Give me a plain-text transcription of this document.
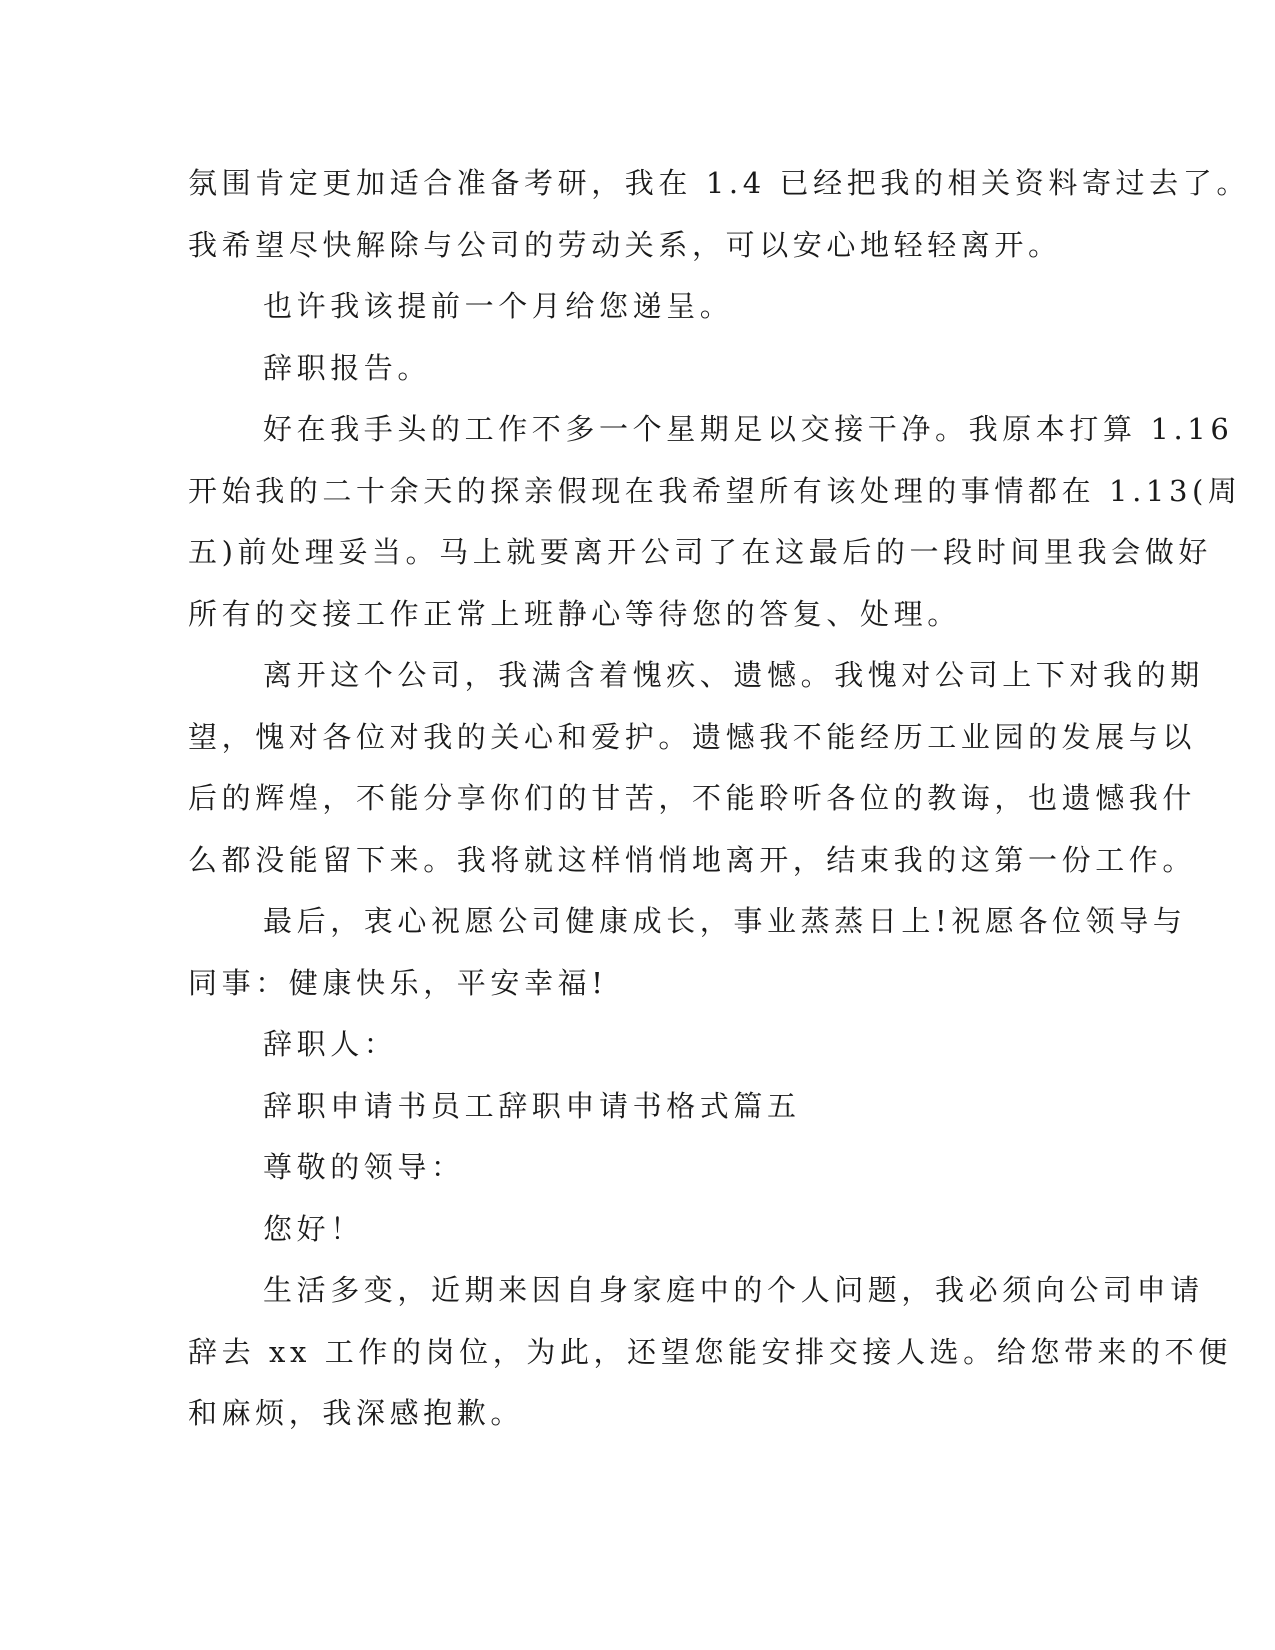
氛围肯定更加适合准备考研，我在 1.4 已经把我的相关资料寄过去了。
我希望尽快解除与公司的劳动关系，可以安心地轻轻离开。
也许我该提前一个月给您递呈。
辞职报告。
好在我手头的工作不多一个星期足以交接干净。我原本打算 1.16
开始我的二十余天的探亲假现在我希望所有该处理的事情都在 1.13(周
五)前处理妥当。马上就要离开公司了在这最后的一段时间里我会做好
所有的交接工作正常上班静心等待您的答复、处理。
离开这个公司，我满含着愧疚、遗憾。我愧对公司上下对我的期
望，愧对各位对我的关心和爱护。遗憾我不能经历工业园的发展与以
后的辉煌，不能分享你们的甘苦，不能聆听各位的教诲，也遗憾我什
么都没能留下来。我将就这样悄悄地离开，结束我的这第一份工作。
最后，衷心祝愿公司健康成长，事业蒸蒸日上!祝愿各位领导与
同事：健康快乐，平安幸福!
辞职人：
辞职申请书员工辞职申请书格式篇五
尊敬的领导：
您好！
生活多变，近期来因自身家庭中的个人问题，我必须向公司申请
辞去 xx 工作的岗位，为此，还望您能安排交接人选。给您带来的不便
和麻烦，我深感抱歉。
